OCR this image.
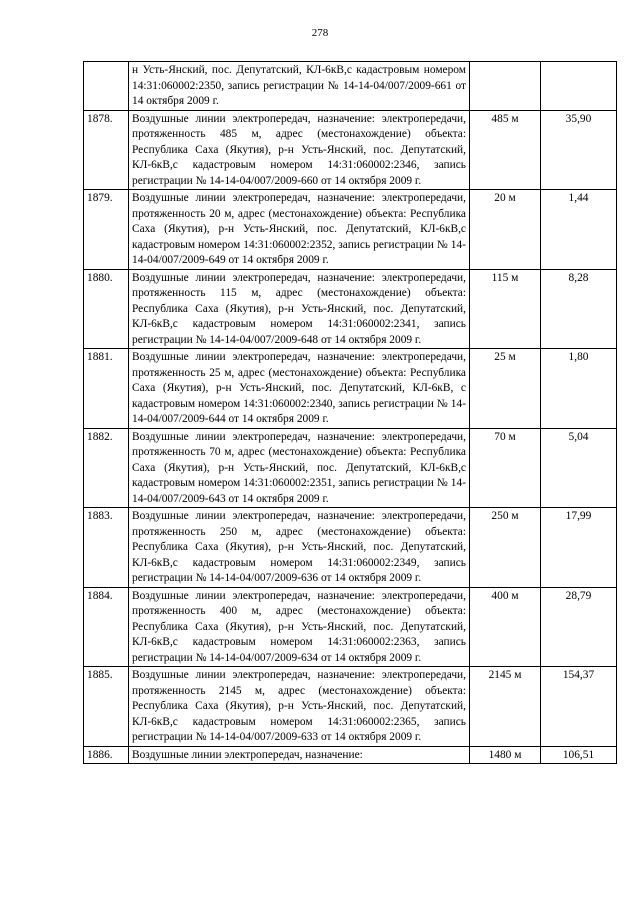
278
	н Усть-Янский, пос. Депутатский, КЛ-6кВ,с кадастровым номером 14:31:060002:2350, запись регистрации № 14-14-04/007/2009-661 от 14 октября 2009 г.		
1878.	Воздушные линии электропередач, назначение: электропередачи, протяженность 485 м, адрес (местонахождение) объекта: Республика Саха (Якутия), р-н Усть-Янский, пос. Депутатский, КЛ-6кВ,с кадастровым номером 14:31:060002:2346, запись регистрации № 14-14-04/007/2009-660 от 14 октября 2009 г.	485 м	35,90
1879.	Воздушные линии электропередач, назначение: электропередачи, протяженность 20 м, адрес (местонахождение) объекта: Республика Саха (Якутия), р-н Усть-Янский, пос. Депутатский, КЛ-6кВ,с кадастровым номером 14:31:060002:2352, запись регистрации № 14-14-04/007/2009-649 от 14 октября 2009 г.	20 м	1,44
1880.	Воздушные линии электропередач, назначение: электропередачи, протяженность 115 м, адрес (местонахождение) объекта: Республика Саха (Якутия), р-н Усть-Янский, пос. Депутатский, КЛ-6кВ,с кадастровым номером 14:31:060002:2341, запись регистрации № 14-14-04/007/2009-648 от 14 октября 2009 г.	115 м	8,28
1881.	Воздушные линии электропередач, назначение: электропередачи, протяженность 25 м, адрес (местонахождение) объекта: Республика Саха (Якутия), р-н Усть-Янский, пос. Депутатский, КЛ-6кВ, с кадастровым номером 14:31:060002:2340, запись регистрации № 14-14-04/007/2009-644 от 14 октября 2009 г.	25 м	1,80
1882.	Воздушные линии электропередач, назначение: электропередачи, протяженность 70 м, адрес (местонахождение) объекта: Республика Саха (Якутия), р-н Усть-Янский, пос. Депутатский, КЛ-6кВ,с кадастровым номером 14:31:060002:2351, запись регистрации № 14-14-04/007/2009-643 от 14 октября 2009 г.	70 м	5,04
1883.	Воздушные линии электропередач, назначение: электропередачи, протяженность 250 м, адрес (местонахождение) объекта: Республика Саха (Якутия), р-н Усть-Янский, пос. Депутатский, КЛ-6кВ,с кадастровым номером 14:31:060002:2349, запись регистрации № 14-14-04/007/2009-636 от 14 октября 2009 г.	250 м	17,99
1884.	Воздушные линии электропередач, назначение: электропередачи, протяженность 400 м, адрес (местонахождение) объекта: Республика Саха (Якутия), р-н Усть-Янский, пос. Депутатский, КЛ-6кВ,с кадастровым номером 14:31:060002:2363, запись регистрации № 14-14-04/007/2009-634 от 14 октября 2009 г.	400 м	28,79
1885.	Воздушные линии электропередач, назначение: электропередачи, протяженность 2145 м, адрес (местонахождение) объекта: Республика Саха (Якутия), р-н Усть-Янский, пос. Депутатский, КЛ-6кВ,с кадастровым номером 14:31:060002:2365, запись регистрации № 14-14-04/007/2009-633 от 14 октября 2009 г.	2145 м	154,37
1886.	Воздушные линии электропередач, назначение:	1480 м	106,51
